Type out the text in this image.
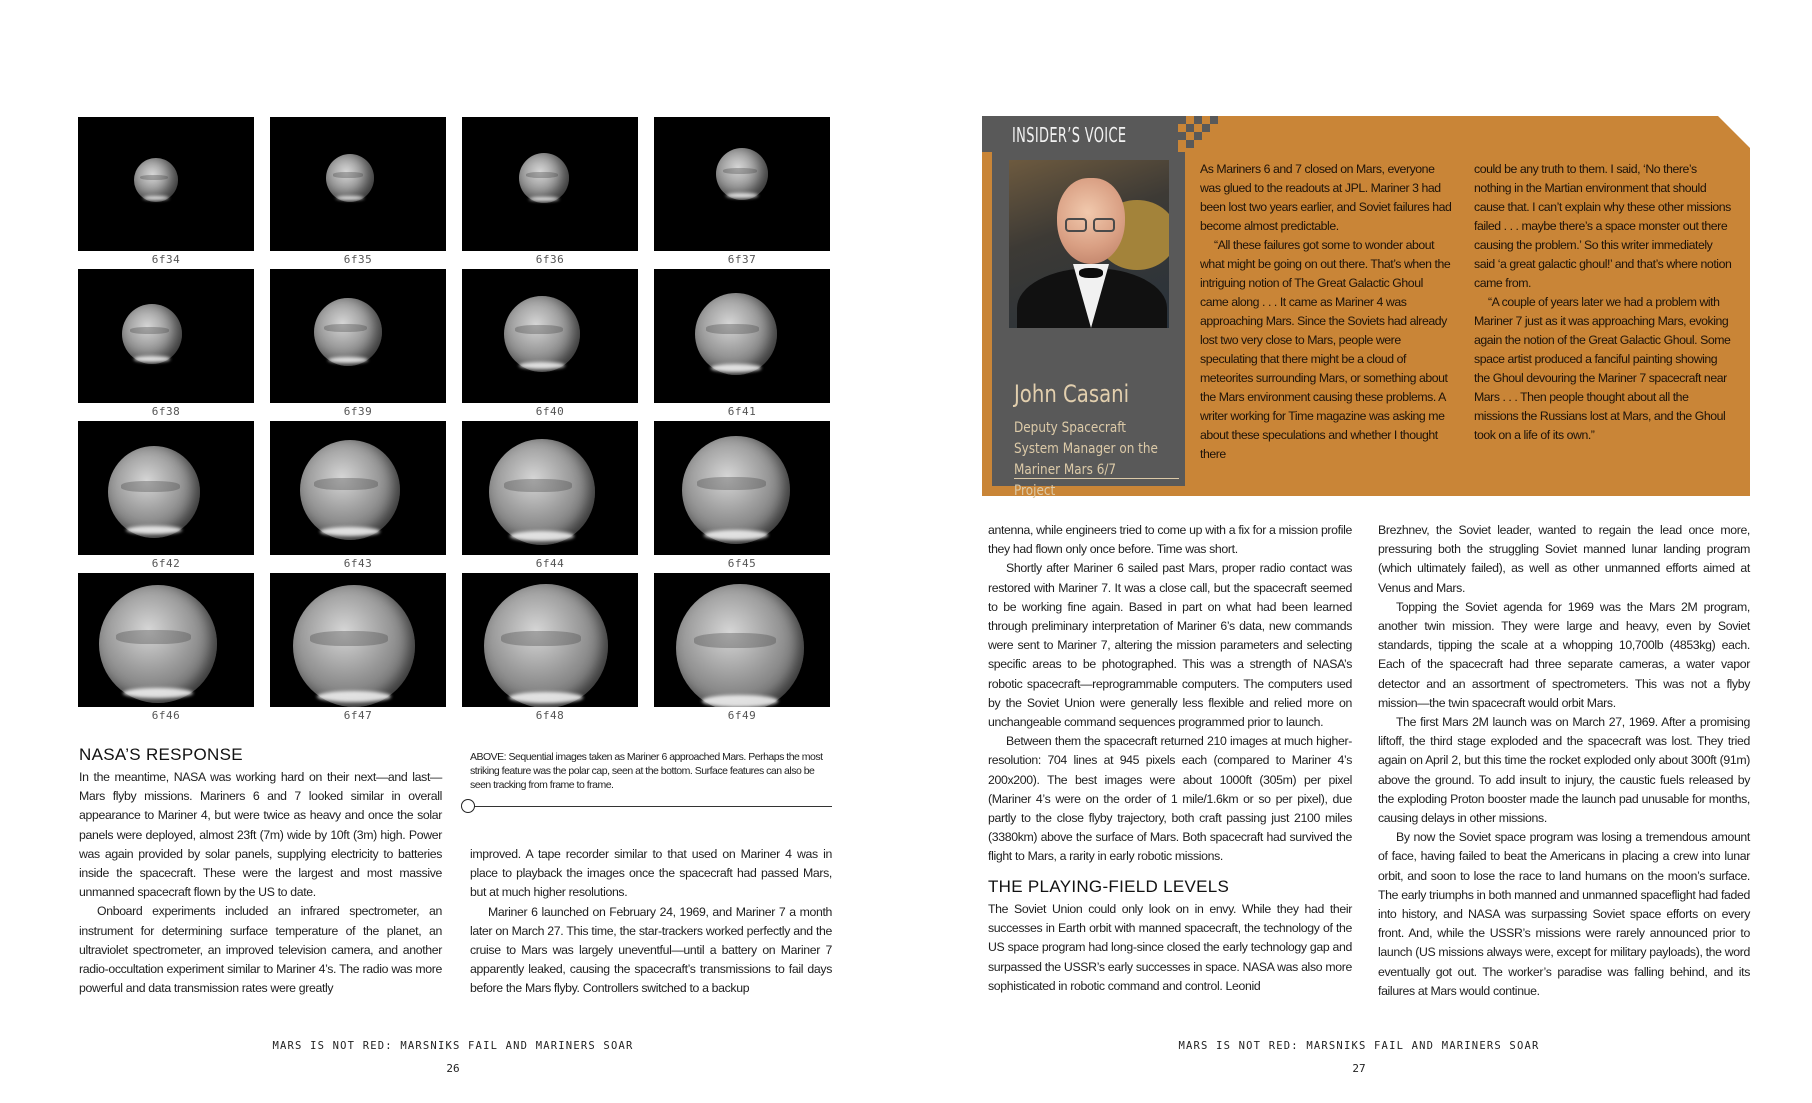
6f34	6f35	6f36	6f37
6f38	6f39	6f40	6f41
6f42	6f43	6f44	6f45
6f46	6f47	6f48	6f49
NASA’S RESPONSE

In the meantime, NASA was working hard on their next—and last—Mars flyby missions. Mariners 6 and 7 looked similar in overall appearance to Mariner 4, but were twice as heavy and once the solar panels were deployed, almost 23ft (7m) wide by 10ft (3m) high. Power was again provided by solar panels, supplying electricity to batteries inside the spacecraft. These were the largest and most massive unmanned spacecraft flown by the US to date.

Onboard experiments included an infrared spectrometer, an instrument for determining surface temperature of the planet, an ultraviolet spectrometer, an improved television camera, and another radio-occultation experiment similar to Mariner 4’s. The radio was more powerful and data transmission rates were greatly

ABOVE: Sequential images taken as Mariner 6 approached Mars. Perhaps the most striking feature was the polar cap, seen at the bottom. Surface features can also be seen tracking from frame to frame.

improved. A tape recorder similar to that used on Mariner 4 was in place to playback the images once the spacecraft had passed Mars, but at much higher resolutions.

Mariner 6 launched on February 24, 1969, and Mariner 7 a month later on March 27. This time, the star-trackers worked perfectly and the cruise to Mars was largely uneventful—until a battery on Mariner 7 apparently leaked, causing the spacecraft’s transmissions to fail days before the Mars flyby. Controllers switched to a backup

MARS IS NOT RED: MARSNIKS FAIL AND MARINERS SOAR
26
INSIDER’S VOICE
John Casani
Deputy Spacecraft System Manager on the Mariner Mars 6/7 Project

As Mariners 6 and 7 closed on Mars, everyone was glued to the readouts at JPL. Mariner 3 had been lost two years earlier, and Soviet failures had become almost predictable.

“All these failures got some to wonder about what might be going on out there. That’s when the intriguing notion of The Great Galactic Ghoul came along . . . It came as Mariner 4 was approaching Mars. Since the Soviets had already lost two very close to Mars, people were speculating that there might be a cloud of meteorites surrounding Mars, or something about the Mars environment causing these problems. A writer working for Time magazine was asking me about these speculations and whether I thought there

could be any truth to them. I said, ‘No there’s nothing in the Martian environment that should cause that. I can’t explain why these other missions failed . . . maybe there’s a space monster out there causing the problem.’ So this writer immediately said ‘a great galactic ghoul!’ and that’s where notion came from.

“A couple of years later we had a problem with Mariner 7 just as it was approaching Mars, evoking again the notion of the Great Galactic Ghoul. Some space artist produced a fanciful painting showing the Ghoul devouring the Mariner 7 spacecraft near Mars . . . Then people thought about all the missions the Russians lost at Mars, and the Ghoul took on a life of its own.”

antenna, while engineers tried to come up with a fix for a mission profile they had flown only once before. Time was short.

Shortly after Mariner 6 sailed past Mars, proper radio contact was restored with Mariner 7. It was a close call, but the spacecraft seemed to be working fine again. Based in part on what had been learned through preliminary interpretation of Mariner 6’s data, new commands were sent to Mariner 7, altering the mission parameters and selecting specific areas to be photographed. This was a strength of NASA’s robotic spacecraft—reprogrammable computers. The computers used by the Soviet Union were generally less flexible and relied more on unchangeable command sequences programmed prior to launch.

Between them the spacecraft returned 210 images at much higher-resolution: 704 lines at 945 pixels each (compared to Mariner 4’s 200x200). The best images were about 1000ft (305m) per pixel (Mariner 4’s were on the order of 1 mile/1.6km or so per pixel), due partly to the close flyby trajectory, both craft passing just 2100 miles (3380km) above the surface of Mars. Both spacecraft had survived the flight to Mars, a rarity in early robotic missions.

THE PLAYING-FIELD LEVELS

The Soviet Union could only look on in envy. While they had their successes in Earth orbit with manned spacecraft, the technology of the US space program had long-since closed the early technology gap and surpassed the USSR’s early successes in space. NASA was also more sophisticated in robotic command and control. Leonid

Brezhnev, the Soviet leader, wanted to regain the lead once more, pressuring both the struggling Soviet manned lunar landing program (which ultimately failed), as well as other unmanned efforts aimed at Venus and Mars.

Topping the Soviet agenda for 1969 was the Mars 2M program, another twin mission. They were large and heavy, even by Soviet standards, tipping the scale at a whopping 10,700lb (4853kg) each. Each of the spacecraft had three separate cameras, a water vapor detector and an assortment of spectrometers. This was not a flyby mission—the twin spacecraft would orbit Mars.

The first Mars 2M launch was on March 27, 1969. After a promising liftoff, the third stage exploded and the spacecraft was lost. They tried again on April 2, but this time the rocket exploded only about 300ft (91m) above the ground. To add insult to injury, the caustic fuels released by the exploding Proton booster made the launch pad unusable for months, causing delays in other missions.

By now the Soviet space program was losing a tremendous amount of face, having failed to beat the Americans in placing a crew into lunar orbit, and soon to lose the race to land humans on the moon’s surface. The early triumphs in both manned and unmanned spaceflight had faded into history, and NASA was surpassing Soviet space efforts on every front. And, while the USSR’s missions were rarely announced prior to launch (US missions always were, except for military payloads), the word eventually got out. The worker’s paradise was falling behind, and its failures at Mars would continue.

MARS IS NOT RED: MARSNIKS FAIL AND MARINERS SOAR
27
